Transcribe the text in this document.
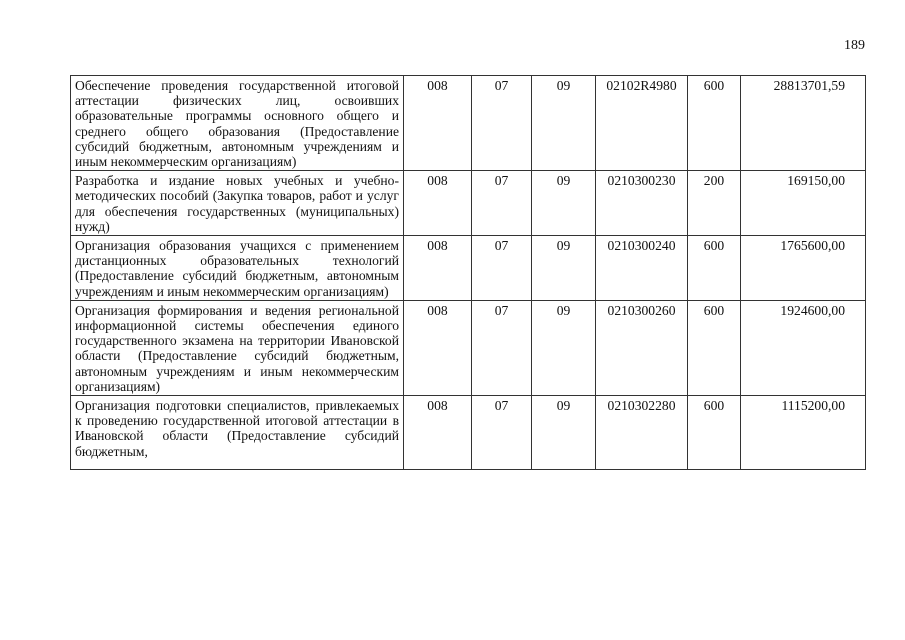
189
Обеспечение проведения государственной итоговой аттестации физических лиц, освоивших образовательные программы основного общего и среднего общего образования (Предоставление субсидий бюджетным, автономным учреждениям и иным некоммерческим организациям)	008	07	09	02102R4980	600	28813701,59
Разработка и издание новых учебных и учебно-методических пособий (Закупка товаров, работ и услуг для обеспечения государственных (муниципальных) нужд)	008	07	09	0210300230	200	169150,00
Организация образования учащихся с применением дистанционных образовательных технологий (Предоставление субсидий бюджетным, автономным учреждениям и иным некоммерческим организациям)	008	07	09	0210300240	600	1765600,00
Организация формирования и ведения региональной информационной системы обеспечения единого государственного экзамена на территории Ивановской области (Предоставление субсидий бюджетным, автономным учреждениям и иным некоммерческим организациям)	008	07	09	0210300260	600	1924600,00
Организация подготовки специалистов, привлекаемых к проведению государственной итоговой аттестации в Ивановской области (Предоставление субсидий бюджетным,	008	07	09	0210302280	600	1115200,00
